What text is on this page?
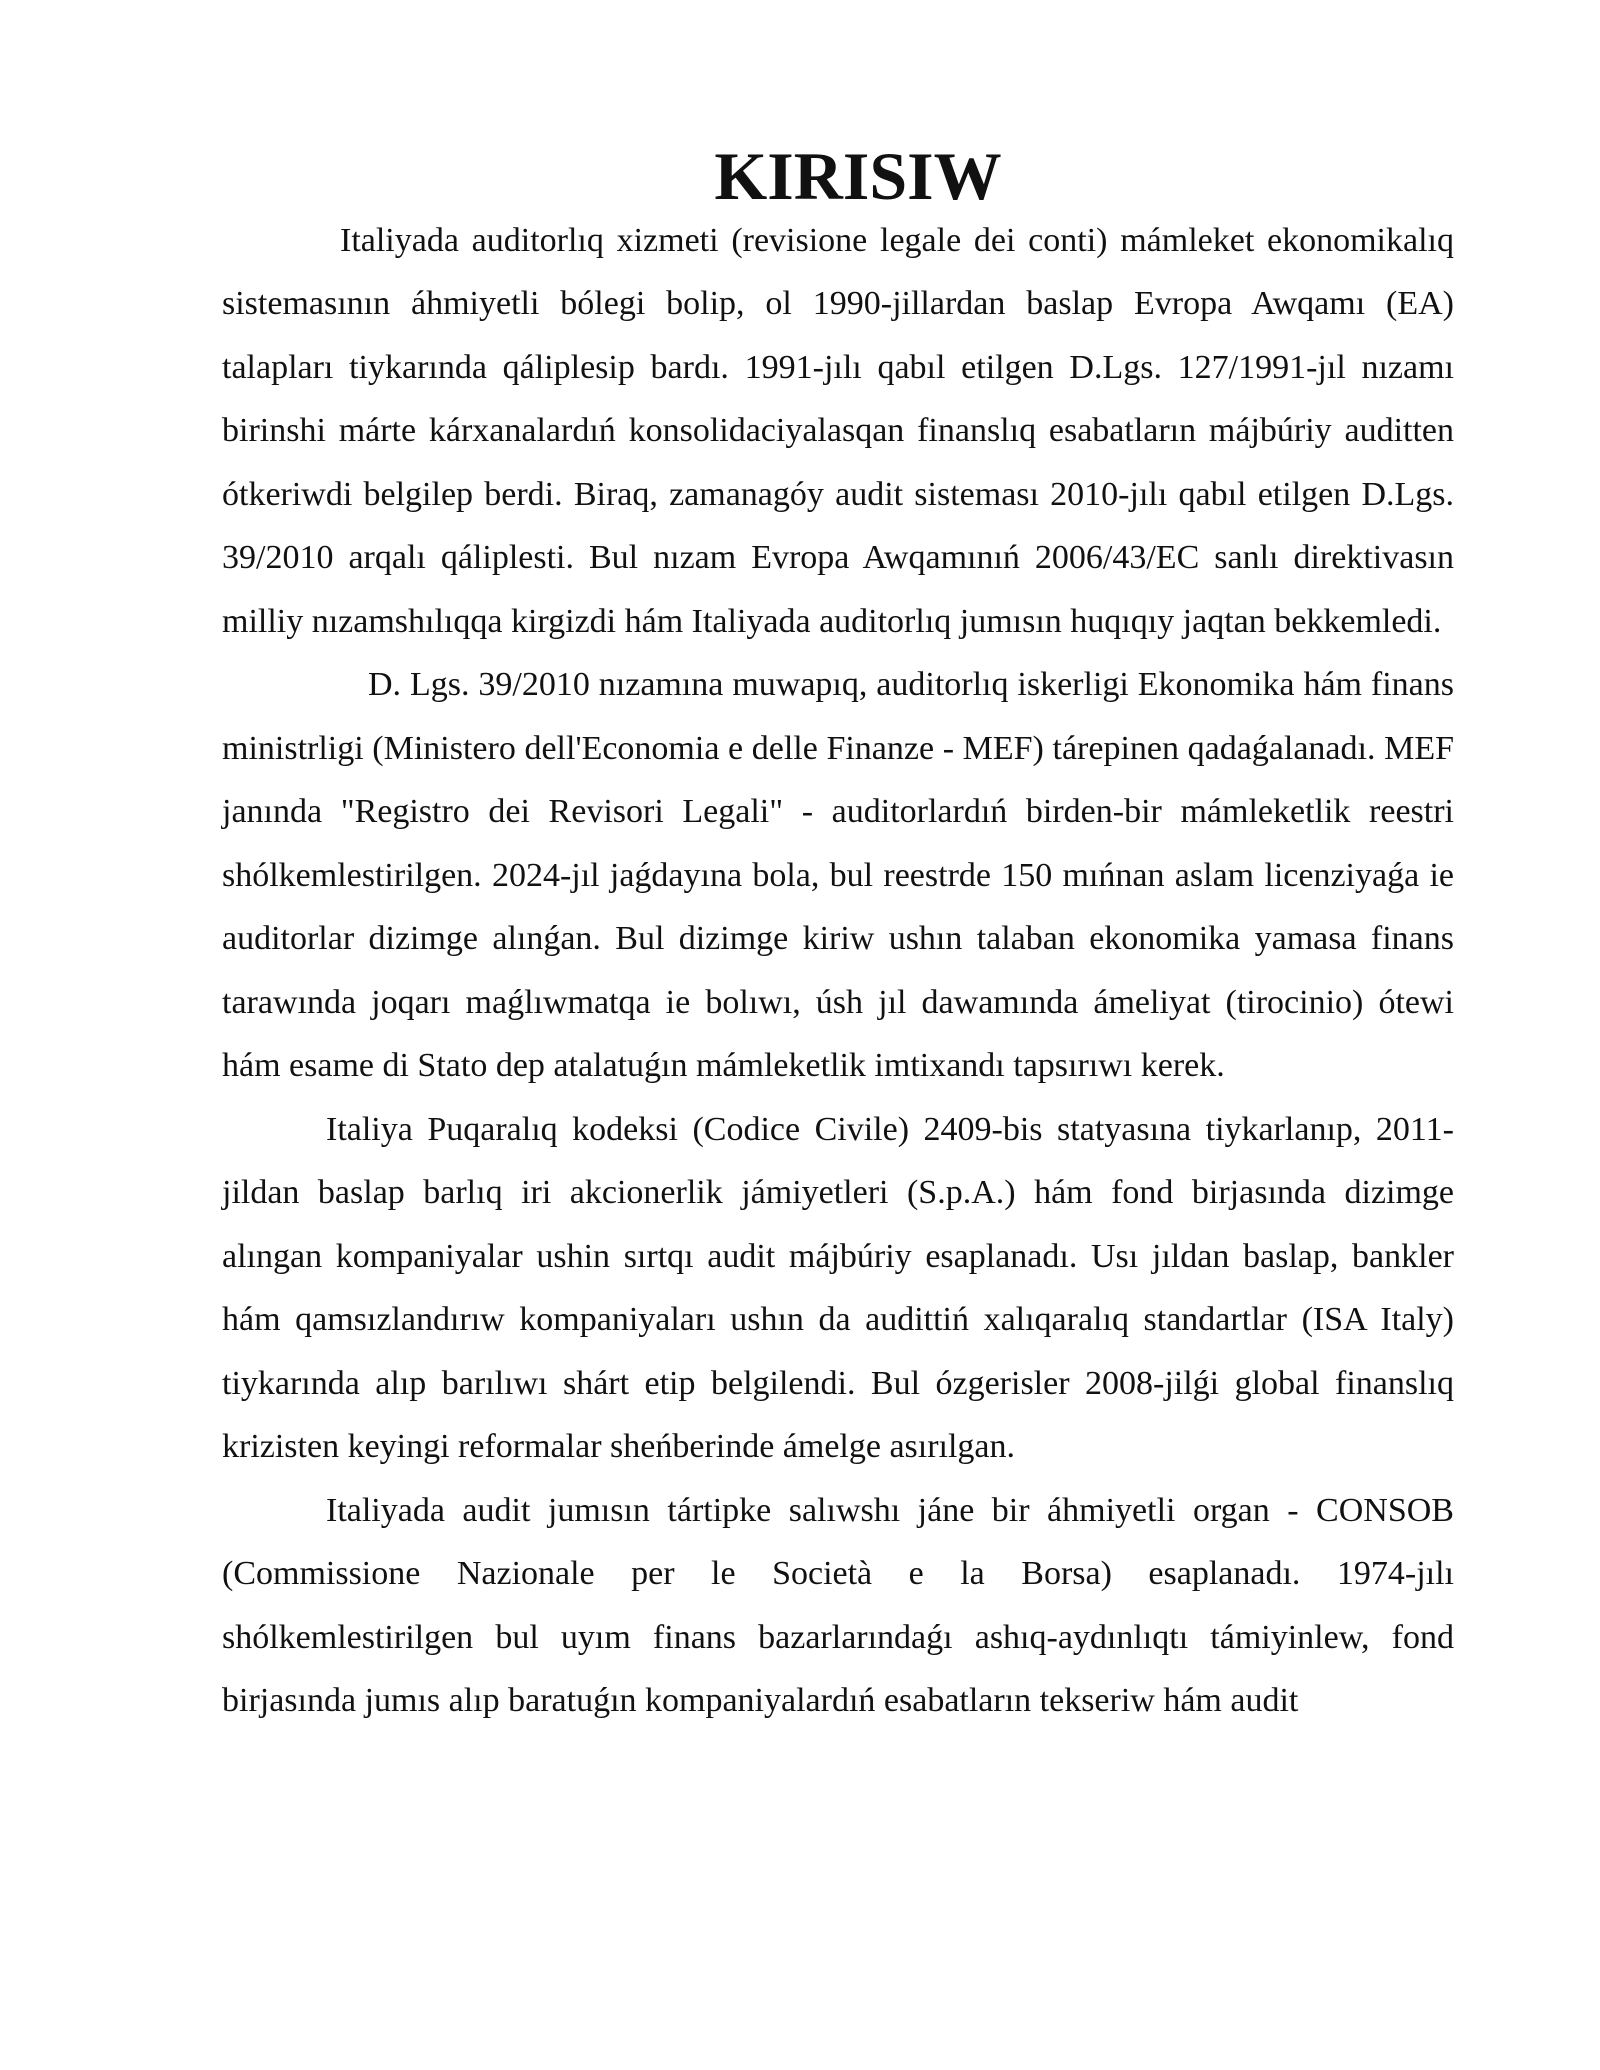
KIRISIW

Italiyada auditorlıq xizmeti (revisione legale dei conti) mámleket ekonomikalıq sistemasının áhmiyetli bólegi bolip, ol 1990-jillardan baslap Evropa Awqamı (EA) talapları tiykarında qáliplesip bardı. 1991-jılı qabıl etilgen D.Lgs. 127/1991-jıl nızamı birinshi márte kárxanalardıń konsolidaciyalasqan finanslıq esabatların májbúriy auditten ótkeriwdi belgilep berdi. Biraq, zamanagóy audit sisteması 2010-jılı qabıl etilgen D.Lgs. 39/2010 arqalı qáliplesti. Bul nızam Evropa Awqamınıń 2006/43/EC sanlı direktivasın milliy nızamshılıqqa kirgizdi hám Italiyada auditorlıq jumısın huqıqıy jaqtan bekkemledi.

D. Lgs. 39/2010 nızamına muwapıq, auditorlıq iskerligi Ekonomika hám finans ministrligi (Ministero dell'Economia e delle Finanze - MEF) tárepinen qadaǵalanadı. MEF janında "Registro dei Revisori Legali" - auditorlardıń birden-bir mámleketlik reestri shólkemlestirilgen. 2024-jıl jaǵdayına bola, bul reestrde 150 mıńnan aslam licenziyaǵa ie auditorlar dizimge alınǵan. Bul dizimge kiriw ushın talaban ekonomika yamasa finans tarawında joqarı maǵlıwmatqa ie bolıwı, úsh jıl dawamında ámeliyat (tirocinio) ótewi hám esame di Stato dep atalatuǵın mámleketlik imtixandı tapsırıwı kerek.

Italiya Puqaralıq kodeksi (Codice Civile) 2409-bis statyasına tiykarlanıp, 2011-jildan baslap barlıq iri akcionerlik jámiyetleri (S.p.A.) hám fond birjasında dizimge alıngan kompaniyalar ushin sırtqı audit májbúriy esaplanadı. Usı jıldan baslap, bankler hám qamsızlandırıw kompaniyaları ushın da audittiń xalıqaralıq standartlar (ISA Italy) tiykarında alıp barılıwı shárt etip belgilendi. Bul ózgerisler 2008-jilǵi global finanslıq krizisten keyingi reformalar sheńberinde ámelge asırılgan.

Italiyada audit jumısın tártipke salıwshı jáne bir áhmiyetli organ - CONSOB (Commissione Nazionale per le Società e la Borsa) esaplanadı. 1974-jılı shólkemlestirilgen bul uyım finans bazarlarındaǵı ashıq-aydınlıqtı támiyinlew, fond birjasında jumıs alıp baratuǵın kompaniyalardıń esabatların tekseriw hám audit
